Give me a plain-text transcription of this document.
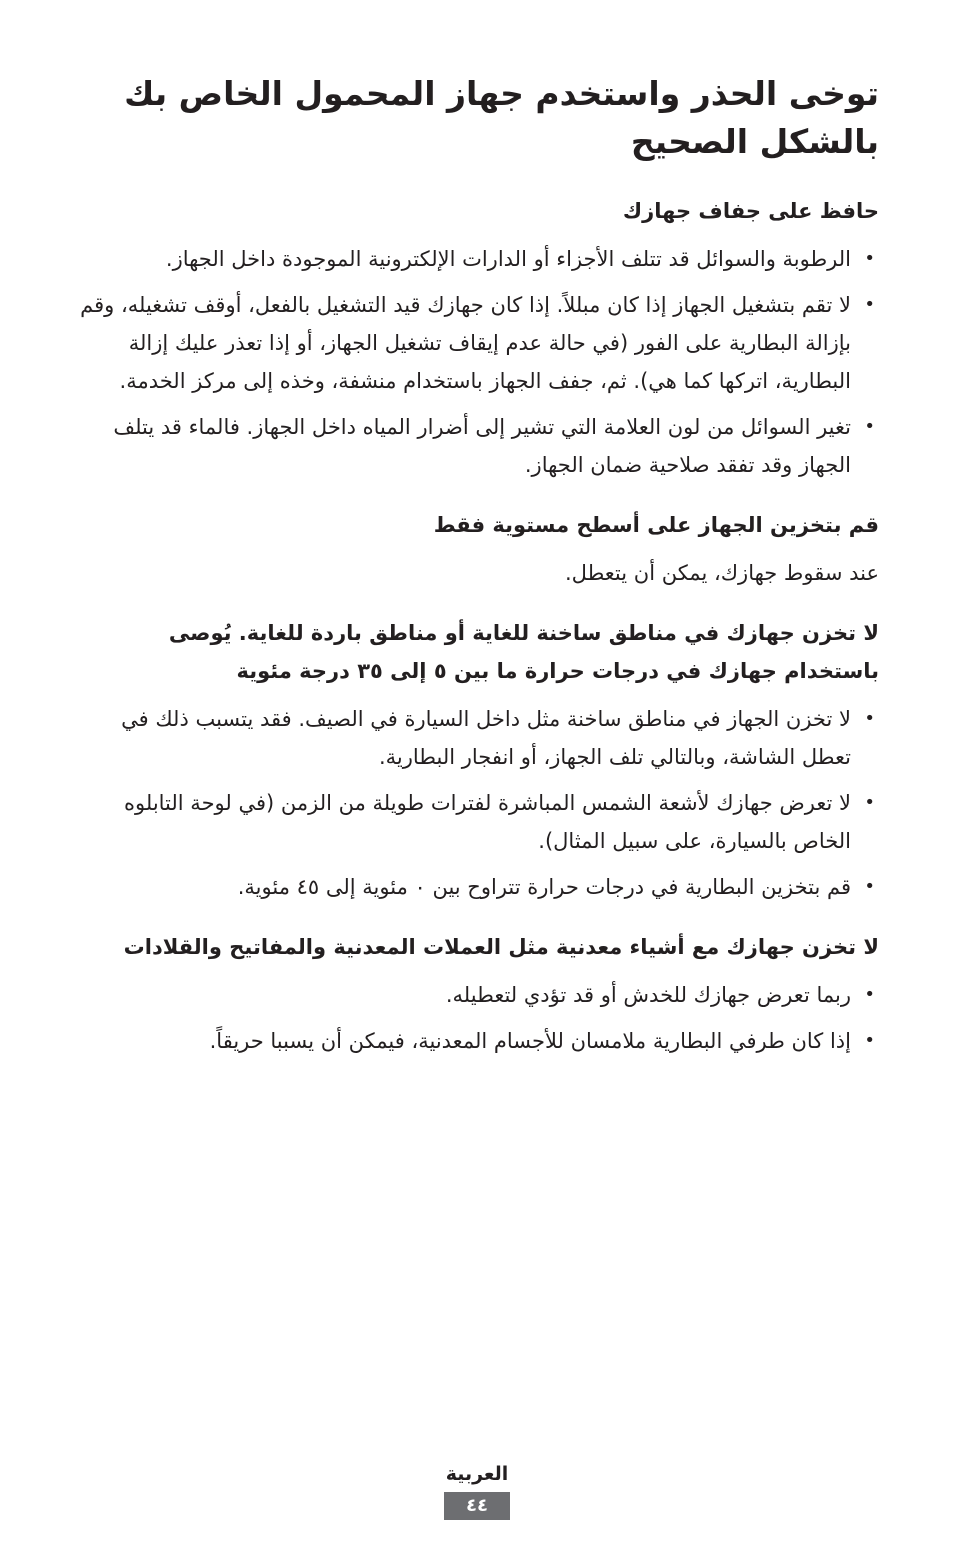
توخى الحذر واستخدم جهاز المحمول الخاص بك بالشكل الصحيح
حافظ على جفاف جهازك
•
الرطوبة والسوائل قد تتلف الأجزاء أو الدارات الإلكترونية الموجودة داخل الجهاز.
•
لا تقم بتشغيل الجهاز إذا كان مبللاً. إذا كان جهازك قيد التشغيل بالفعل، أوقف تشغيله، وقم بإزالة البطارية على الفور (في حالة عدم إيقاف تشغيل الجهاز، أو إذا تعذر عليك إزالة البطارية، اتركها كما هي). ثم، جفف الجهاز باستخدام منشفة، وخذه إلى مركز الخدمة.
•
تغير السوائل من لون العلامة التي تشير إلى أضرار المياه داخل الجهاز. فالماء قد يتلف الجهاز وقد تفقد صلاحية ضمان الجهاز.
قم بتخزين الجهاز على أسطح مستوية فقط

عند سقوط جهازك، يمكن أن يتعطل.

لا تخزن جهازك في مناطق ساخنة للغاية أو مناطق باردة للغاية. يُوصى باستخدام جهازك في درجات حرارة ما بين ٥ إلى ٣٥ درجة مئوية
•
لا تخزن الجهاز في مناطق ساخنة مثل داخل السيارة في الصيف. فقد يتسبب ذلك في تعطل الشاشة، وبالتالي تلف الجهاز، أو انفجار البطارية.
•
لا تعرض جهازك لأشعة الشمس المباشرة لفترات طويلة من الزمن (في لوحة التابلوه الخاص بالسيارة، على سبيل المثال).
•
قم بتخزين البطارية في درجات حرارة تتراوح بين ٠ مئوية إلى ٤٥ مئوية.
لا تخزن جهازك مع أشياء معدنية مثل العملات المعدنية والمفاتيح والقلادات
•
ربما تعرض جهازك للخدش أو قد تؤدي لتعطيله.
•
إذا كان طرفي البطارية ملامسان للأجسام المعدنية، فيمكن أن يسببا حريقاً.
العربية
٤٤
